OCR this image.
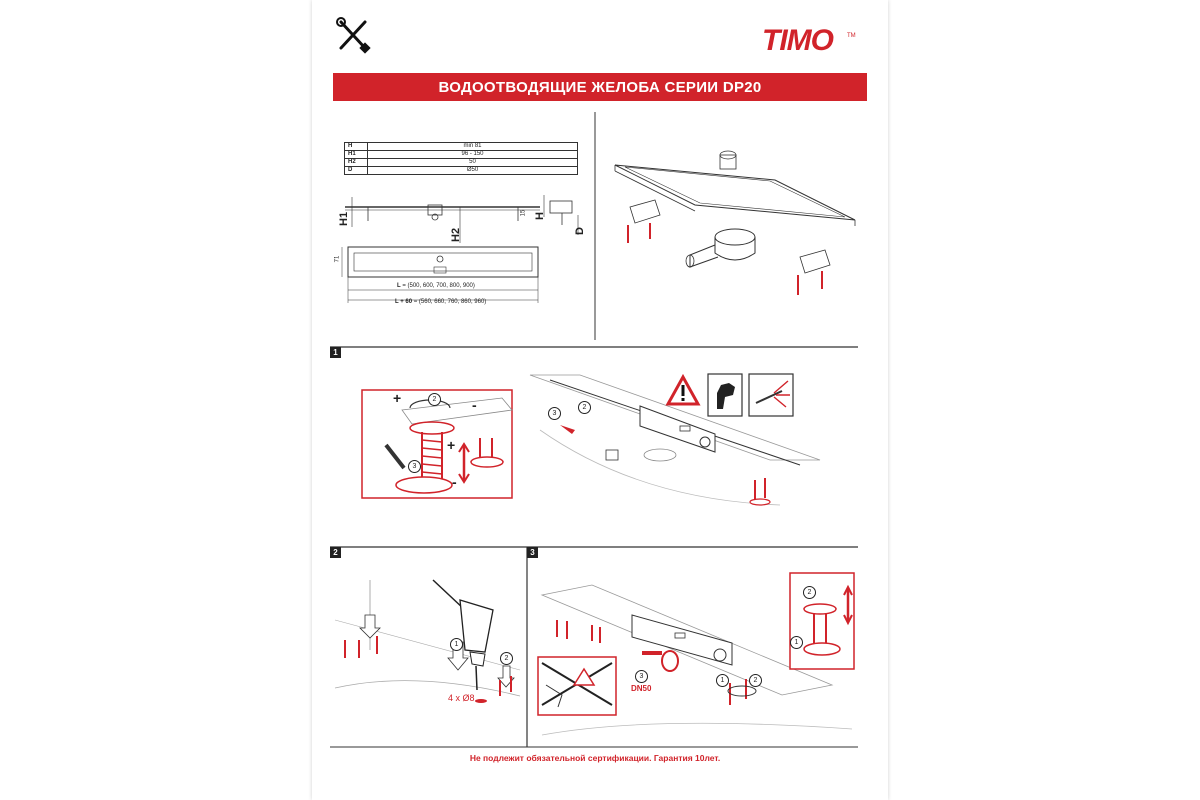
TIMO TM
ВОДООТВОДЯЩИЕ ЖЕЛОБА СЕРИИ DP20
H	min 81
H1	96 - 150
H2	50
D	Ø50
H1
H2
H
D
15
71
L = (500, 600, 700, 800, 900)
L + 60 = (560, 660, 760, 860, 960)
1
+	-
+
-
2
3
2
3
2	3
1
2
4 x Ø8
3
DN50
1	2
2
1
Не подлежит обязательной сертификации. Гарантия 10лет.
